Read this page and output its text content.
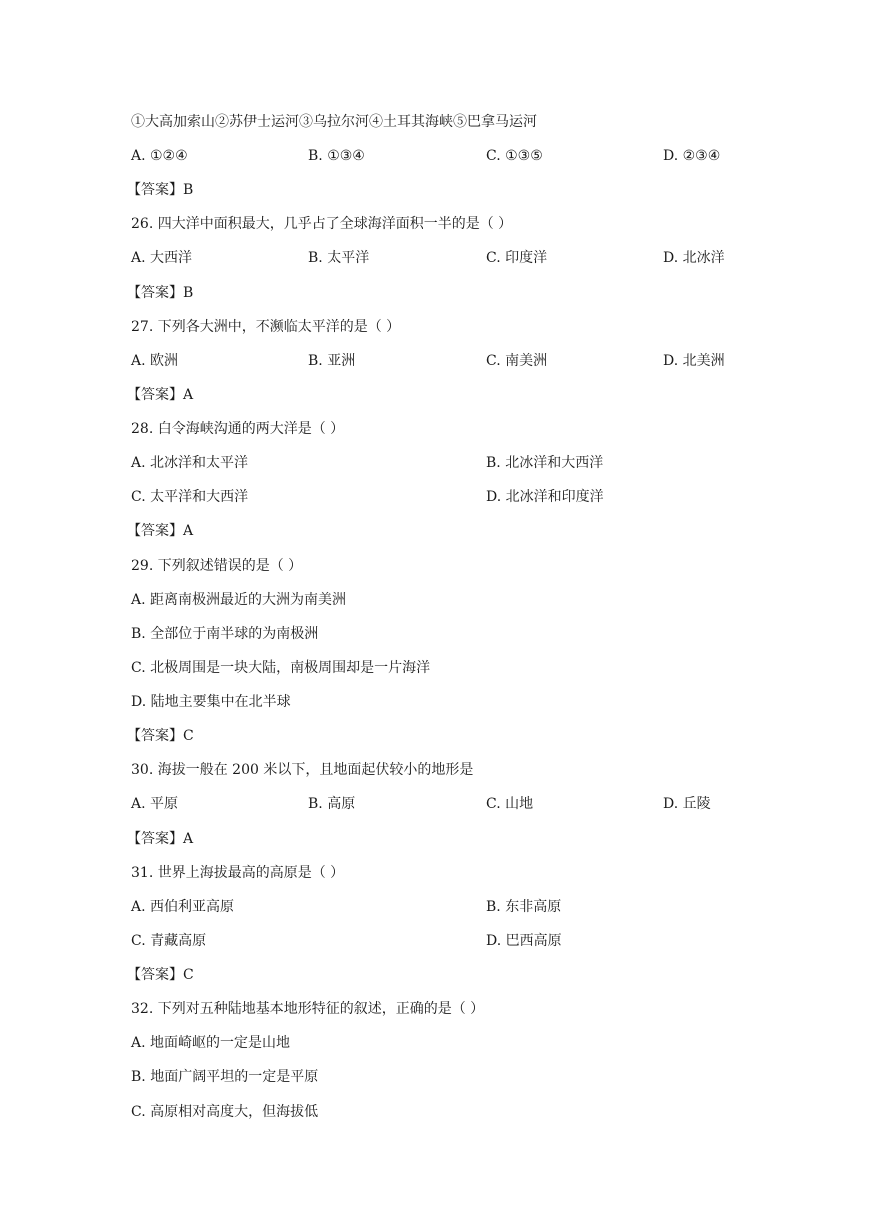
①大高加索山②苏伊士运河③乌拉尔河④土耳其海峡⑤巴拿马运河
A. ①②④	B. ①③④	C. ①③⑤	D. ②③④
【答案】B
26. 四大洋中面积最大，几乎占了全球海洋面积一半的是（ ）
A. 大西洋	B. 太平洋	C. 印度洋	D. 北冰洋
【答案】B
27. 下列各大洲中，不濒临太平洋的是（ ）
A. 欧洲	B. 亚洲	C. 南美洲	D. 北美洲
【答案】A
28. 白令海峡沟通的两大洋是（ ）
A. 北冰洋和太平洋	B. 北冰洋和大西洋
C. 太平洋和大西洋	D. 北冰洋和印度洋
【答案】A
29. 下列叙述错误的是（ ）
A. 距离南极洲最近的大洲为南美洲
B. 全部位于南半球的为南极洲
C. 北极周围是一块大陆，南极周围却是一片海洋
D. 陆地主要集中在北半球
【答案】C
30. 海拔一般在 200 米以下，且地面起伏较小的地形是
A. 平原	B. 高原	C. 山地	D. 丘陵
【答案】A
31. 世界上海拔最高的高原是（ ）
A. 西伯利亚高原	B. 东非高原
C. 青藏高原	D. 巴西高原
【答案】C
32. 下列对五种陆地基本地形特征的叙述，正确的是（ ）
A. 地面崎岖的一定是山地
B. 地面广阔平坦的一定是平原
C. 高原相对高度大，但海拔低
